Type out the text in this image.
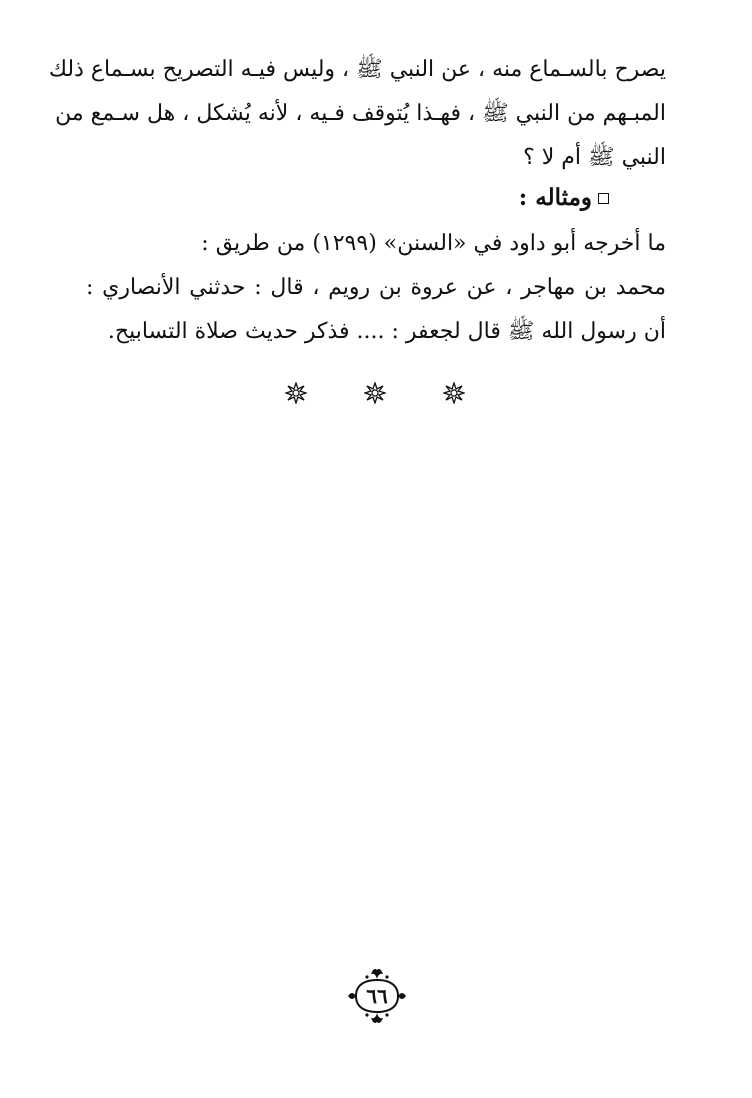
يصرح بالسـماع منه ، عن النبي ﷺ ، وليس فيـه التصريح بسـماع ذلك
المبـهم من النبي ﷺ ، فهـذا يُتوقف فـيه ، لأنه يُشكل ، هل سـمع من
النبي ﷺ أم لا ؟
ومثاله :
ما أخرجه أبو داود في «السنن» (١٢٩٩) من طريق :
محمد بن مهاجر ، عن عروة بن رويم ، قال : حدثني الأنصاري :
أن رسول الله ﷺ قال لجعفر : .... فذكر حديث صلاة التسابيح.
٦٦
